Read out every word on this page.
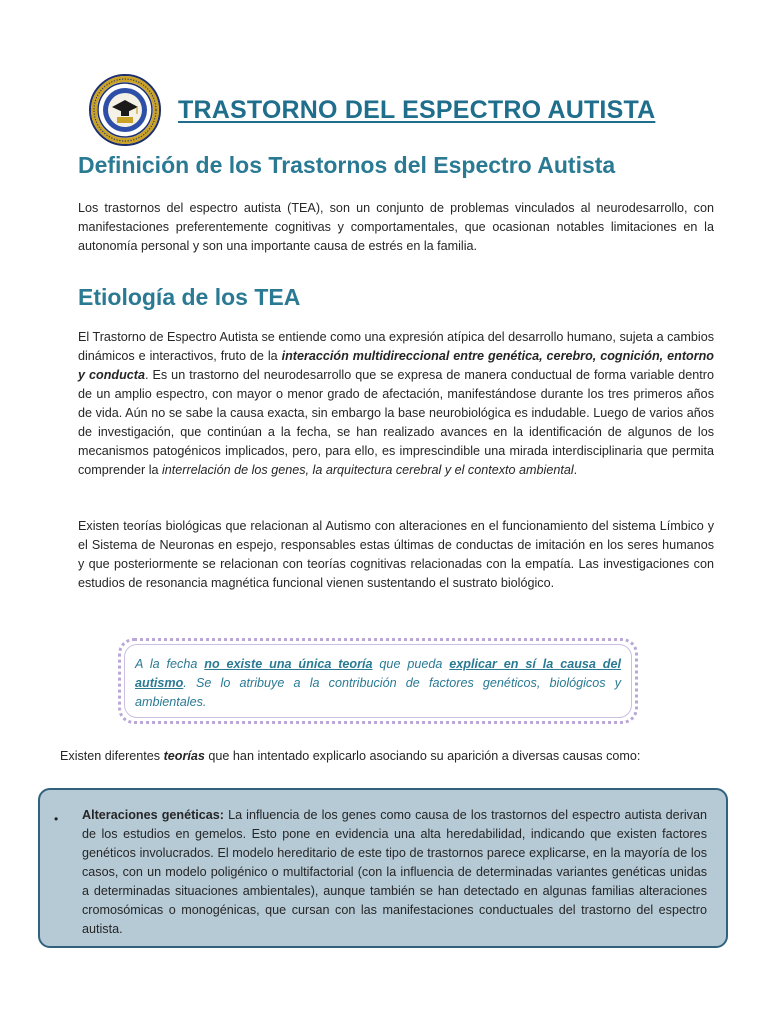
TRASTORNO DEL ESPECTRO AUTISTA
Definición de los Trastornos del Espectro Autista

Los trastornos del espectro autista (TEA), son un conjunto de problemas vinculados al neurodesarrollo, con manifestaciones preferentemente cognitivas y comportamentales, que ocasionan notables limitaciones en la autonomía personal y son una importante causa de estrés en la familia.

Etiología de los TEA

El Trastorno de Espectro Autista se entiende como una expresión atípica del desarrollo humano, sujeta a cambios dinámicos e interactivos, fruto de la interacción multidireccional entre genética, cerebro, cognición, entorno y conducta. Es un trastorno del neurodesarrollo que se expresa de manera conductual de forma variable dentro de un amplio espectro, con mayor o menor grado de afectación, manifestándose durante los tres primeros años de vida. Aún no se sabe la causa exacta, sin embargo la base neurobiológica es indudable. Luego de varios años de investigación, que continúan a la fecha, se han realizado avances en la identificación de algunos de los mecanismos patogénicos implicados, pero, para ello, es imprescindible una mirada interdisciplinaria que permita comprender la interrelación de los genes, la arquitectura cerebral y el contexto ambiental.

Existen teorías biológicas que relacionan al Autismo con alteraciones en el funcionamiento del sistema Límbico y el Sistema de Neuronas en espejo, responsables estas últimas de conductas de imitación en los seres humanos y que posteriormente se relacionan con teorías cognitivas relacionadas con la empatía. Las investigaciones con estudios de resonancia magnética funcional vienen sustentando el sustrato biológico.

A la fecha no existe una única teoría que pueda explicar en sí la causa del autismo. Se lo atribuye a la contribución de factores genéticos, biológicos y ambientales.

Existen diferentes teorías que han intentado explicarlo asociando su aparición a diversas causas como:

• Alteraciones genéticas: La influencia de los genes como causa de los trastornos del espectro autista derivan de los estudios en gemelos. Esto pone en evidencia una alta heredabilidad, indicando que existen factores genéticos involucrados. El modelo hereditario de este tipo de trastornos parece explicarse, en la mayoría de los casos, con un modelo poligénico o multifactorial (con la influencia de determinadas variantes genéticas unidas a determinadas situaciones ambientales), aunque también se han detectado en algunas familias alteraciones cromosómicas o monogénicas, que cursan con las manifestaciones conductuales del trastorno del espectro autista.
